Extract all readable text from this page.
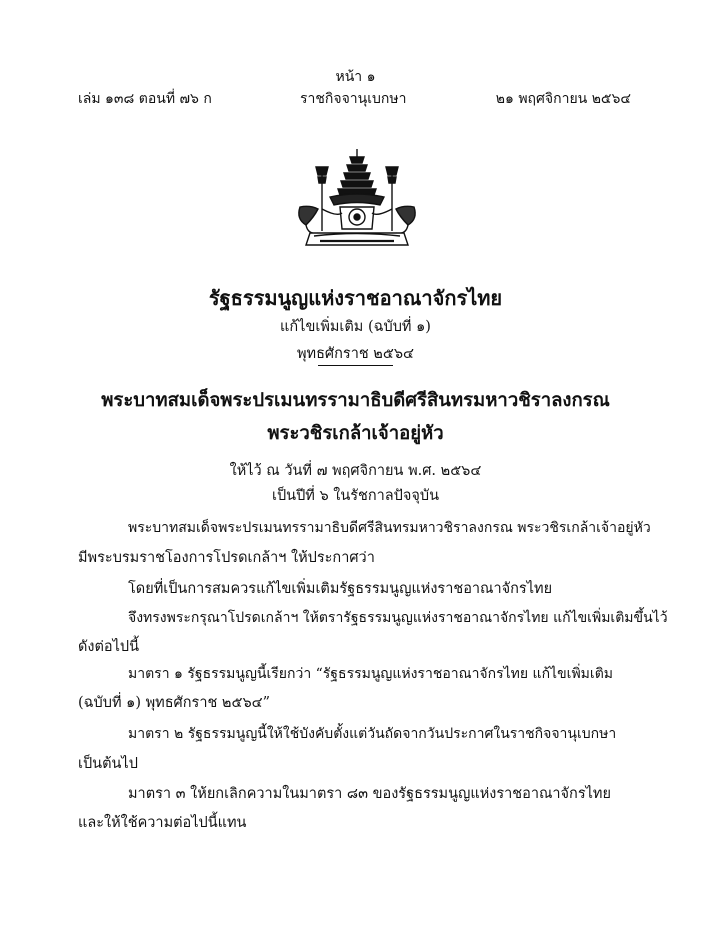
หน้า ๑
เล่ม ๑๓๘ ตอนที่ ๗๖ ก	ราชกิจจานุเบกษา	๒๑ พฤศจิกายน ๒๕๖๔
รัฐธรรมนูญแห่งราชอาณาจักรไทย
แก้ไขเพิ่มเติม (ฉบับที่ ๑)
พุทธศักราช ๒๕๖๔
พระบาทสมเด็จพระปรเมนทรรามาธิบดีศรีสินทรมหาวชิราลงกรณ
พระวชิรเกล้าเจ้าอยู่หัว
ให้ไว้ ณ วันที่ ๗ พฤศจิกายน พ.ศ. ๒๕๖๔
เป็นปีที่ ๖ ในรัชกาลปัจจุบัน
พระบาทสมเด็จพระปรเมนทรรามาธิบดีศรีสินทรมหาวชิราลงกรณ พระวชิรเกล้าเจ้าอยู่หัว
มีพระบรมราชโองการโปรดเกล้าฯ ให้ประกาศว่า
โดยที่เป็นการสมควรแก้ไขเพิ่มเติมรัฐธรรมนูญแห่งราชอาณาจักรไทย
จึงทรงพระกรุณาโปรดเกล้าฯ ให้ตรารัฐธรรมนูญแห่งราชอาณาจักรไทย แก้ไขเพิ่มเติมขึ้นไว้
ดังต่อไปนี้
มาตรา ๑ รัฐธรรมนูญนี้เรียกว่า “รัฐธรรมนูญแห่งราชอาณาจักรไทย แก้ไขเพิ่มเติม
(ฉบับที่ ๑) พุทธศักราช ๒๕๖๔”
มาตรา ๒ รัฐธรรมนูญนี้ให้ใช้บังคับตั้งแต่วันถัดจากวันประกาศในราชกิจจานุเบกษา
เป็นต้นไป
มาตรา ๓ ให้ยกเลิกความในมาตรา ๘๓ ของรัฐธรรมนูญแห่งราชอาณาจักรไทย
และให้ใช้ความต่อไปนี้แทน
